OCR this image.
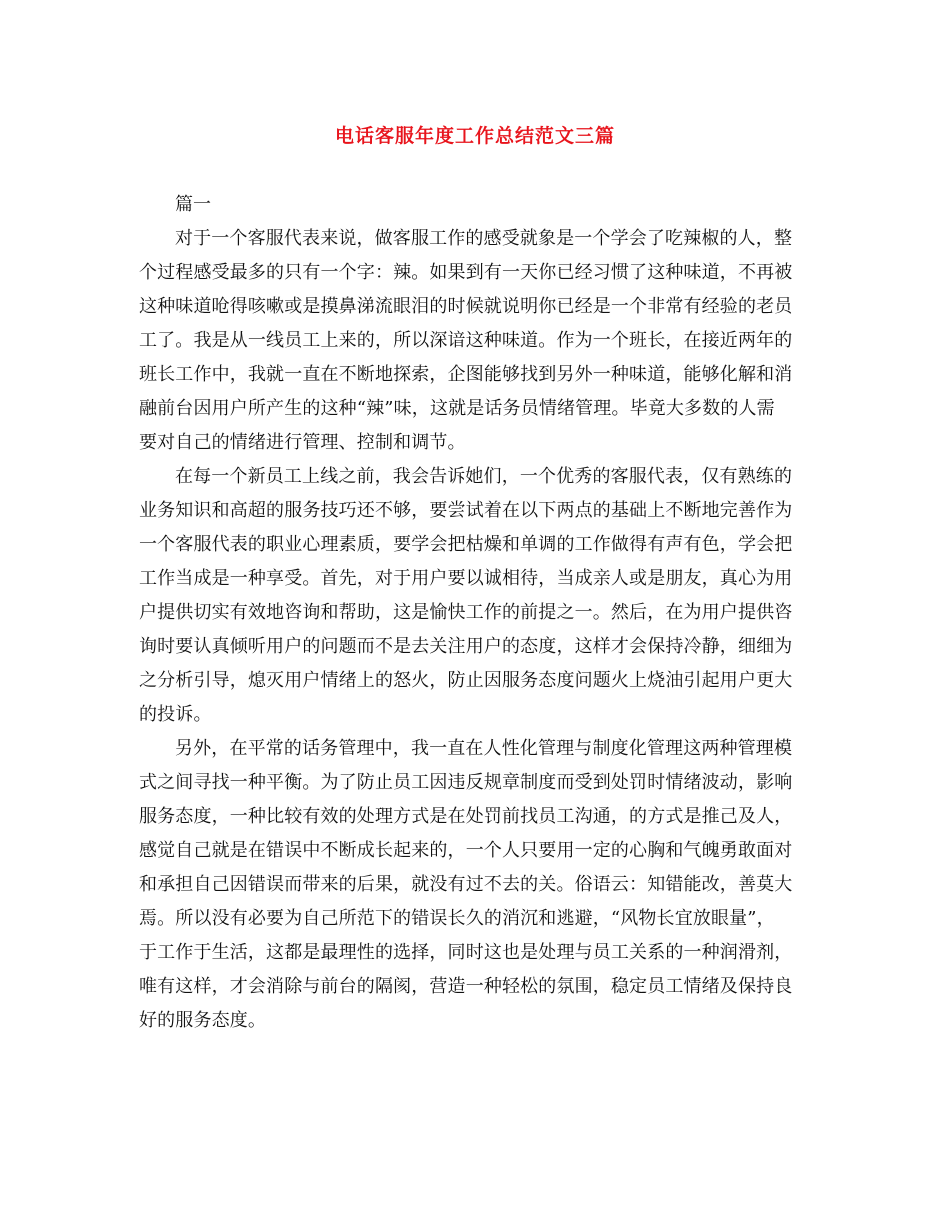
电话客服年度工作总结范文三篇
篇一
对于一个客服代表来说，做客服工作的感受就象是一个学会了吃辣椒的人，整
个过程感受最多的只有一个字：辣。如果到有一天你已经习惯了这种味道，不再被
这种味道呛得咳嗽或是摸鼻涕流眼泪的时候就说明你已经是一个非常有经验的老员
工了。我是从一线员工上来的，所以深谙这种味道。作为一个班长，在接近两年的
班长工作中，我就一直在不断地探索，企图能够找到另外一种味道，能够化解和消
融前台因用户所产生的这种“辣”味，这就是话务员情绪管理。毕竟大多数的人需
要对自己的情绪进行管理、控制和调节。
在每一个新员工上线之前，我会告诉她们，一个优秀的客服代表，仅有熟练的
业务知识和高超的服务技巧还不够，要尝试着在以下两点的基础上不断地完善作为
一个客服代表的职业心理素质，要学会把枯燥和单调的工作做得有声有色，学会把
工作当成是一种享受。首先，对于用户要以诚相待，当成亲人或是朋友，真心为用
户提供切实有效地咨询和帮助，这是愉快工作的前提之一。然后，在为用户提供咨
询时要认真倾听用户的问题而不是去关注用户的态度，这样才会保持冷静，细细为
之分析引导，熄灭用户情绪上的怒火，防止因服务态度问题火上烧油引起用户更大
的投诉。
另外，在平常的话务管理中，我一直在人性化管理与制度化管理这两种管理模
式之间寻找一种平衡。为了防止员工因违反规章制度而受到处罚时情绪波动，影响
服务态度，一种比较有效的处理方式是在处罚前找员工沟通，的方式是推己及人，
感觉自己就是在错误中不断成长起来的，一个人只要用一定的心胸和气魄勇敢面对
和承担自己因错误而带来的后果，就没有过不去的关。俗语云：知错能改，善莫大
焉。所以没有必要为自己所范下的错误长久的消沉和逃避，“风物长宜放眼量”，
于工作于生活，这都是最理性的选择，同时这也是处理与员工关系的一种润滑剂，
唯有这样，才会消除与前台的隔阂，营造一种轻松的氛围，稳定员工情绪及保持良
好的服务态度。
